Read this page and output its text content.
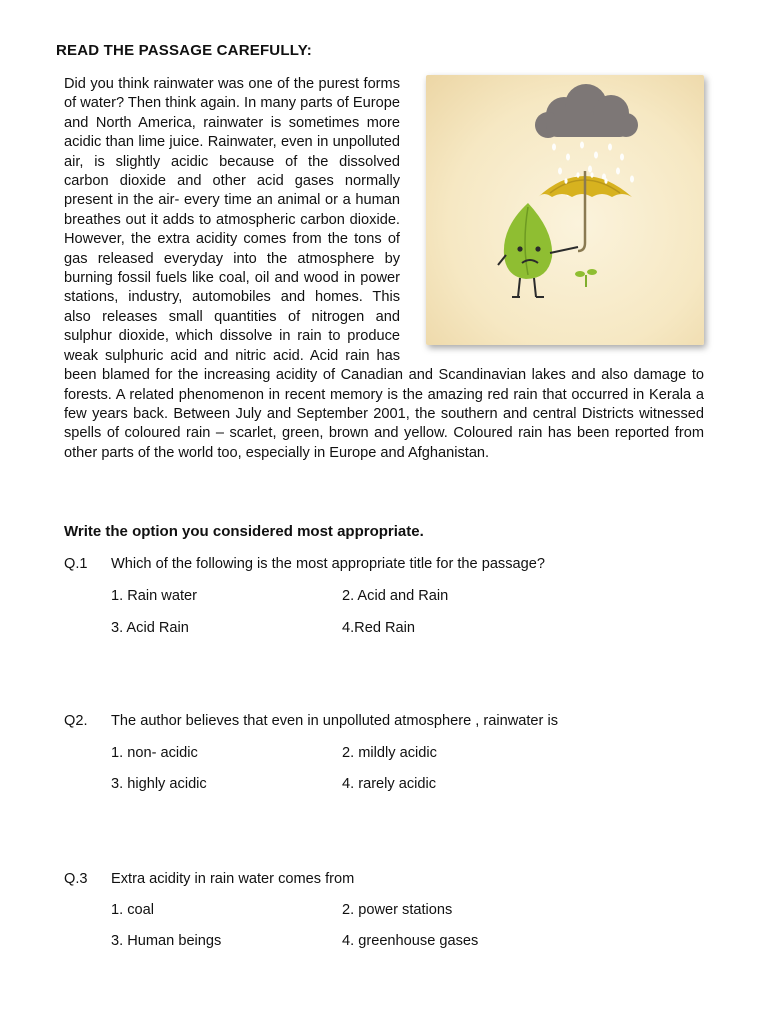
READ THE PASSAGE CAREFULLY:
Did you think rainwater was one of the purest forms of water? Then think again. In many parts of Europe and North America, rainwater is sometimes more acidic than lime juice. Rainwater, even in unpolluted air, is slightly acidic because of the dissolved carbon dioxide and other acid gases normally present in the air- every time an animal or a human breathes out it adds to atmospheric carbon dioxide. However, the extra acidity comes from the tons of gas released everyday into the atmosphere by burning fossil fuels like coal, oil and wood in power stations, industry, automobiles and homes. This also releases small quantities of nitrogen and sulphur dioxide, which dissolve in rain to produce weak sulphuric acid and nitric acid. Acid rain has been blamed for the increasing acidity of Canadian and Scandinavian lakes and also damage to forests. A related phenomenon in recent memory is the amazing red rain that occurred in Kerala a few years back. Between July and September 2001, the southern and central Districts witnessed spells of coloured rain – scarlet, green, brown and yellow. Coloured rain has been reported from other parts of the world too, especially in Europe and Afghanistan.
Write the option you considered most appropriate.
Q.1 Which of the following is the most appropriate title for the passage?
1. Rain water	2. Acid and Rain
3. Acid Rain	4.Red Rain
Q2. The author believes that even in unpolluted atmosphere , rainwater is
1. non- acidic	2. mildly acidic
3. highly acidic	4. rarely acidic
Q.3 Extra acidity in rain water comes from
1. coal	2. power stations
3. Human beings	4. greenhouse gases
